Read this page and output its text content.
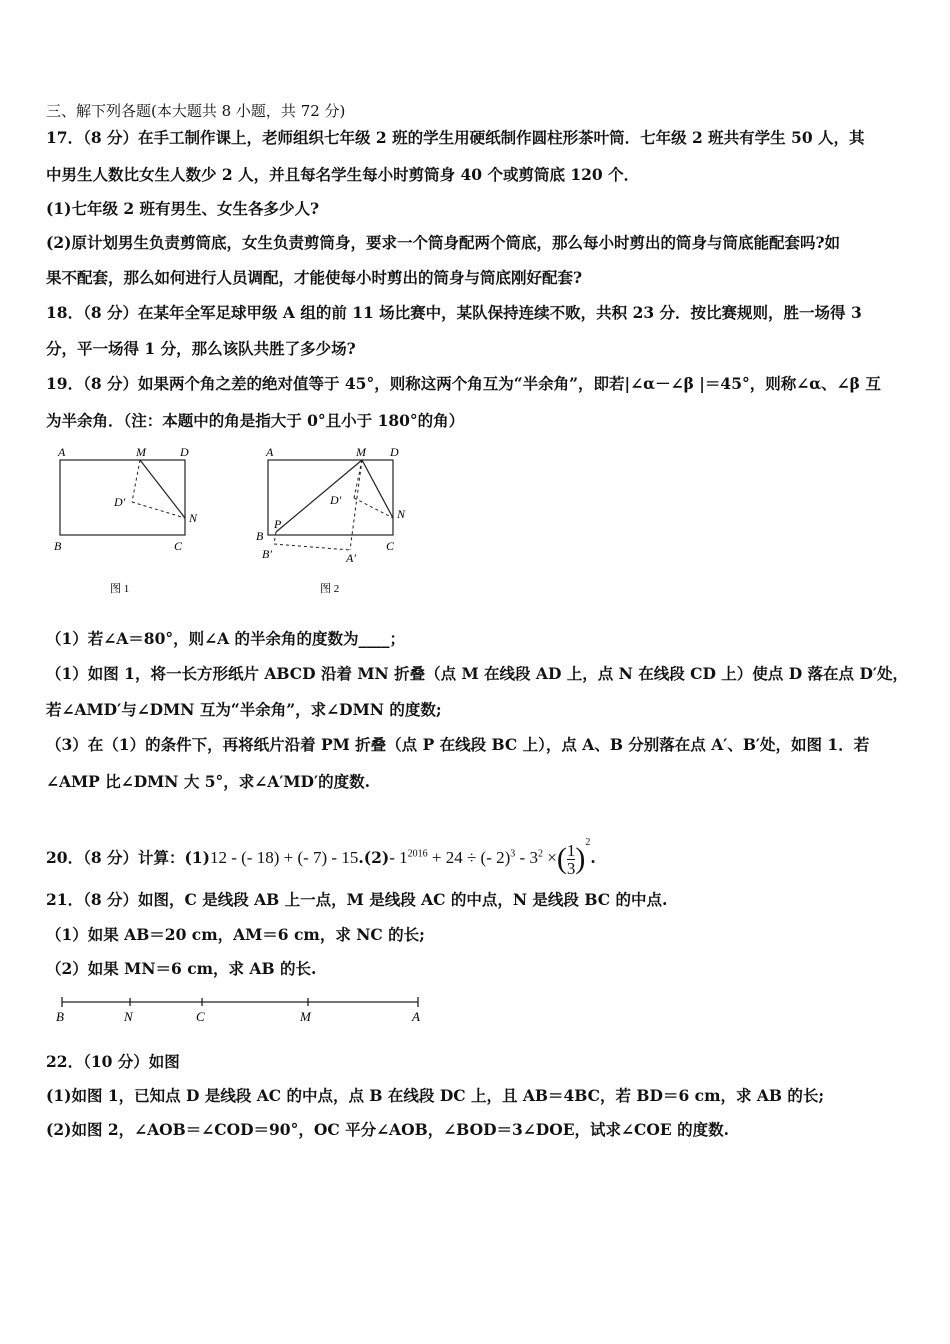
三、解下列各题(本大题共 8 小题，共 72 分)
17．（8 分）在手工制作课上，老师组织七年级 2 班的学生用硬纸制作圆柱形茶叶筒．七年级 2 班共有学生 50 人，其
中男生人数比女生人数少 2 人，并且每名学生每小时剪筒身 40 个或剪筒底 120 个．
(1)七年级 2 班有男生、女生各多少人?
(2)原计划男生负责剪筒底，女生负责剪筒身，要求一个筒身配两个筒底，那么每小时剪出的筒身与筒底能配套吗?如
果不配套，那么如何进行人员调配，才能使每小时剪出的筒身与筒底刚好配套?
18．（8 分）在某年全军足球甲级 A 组的前 11 场比赛中，某队保持连续不败，共积 23 分．按比赛规则，胜一场得 3
分，平一场得 1 分，那么该队共胜了多少场?
19．（8 分）如果两个角之差的绝对值等于 45°，则称这两个角互为“半余角”，即若|∠α－∠β |＝45°，则称∠α、∠β 互
为半余角．（注：本题中的角是指大于 0°且小于 180°的角）
A	M	D
D′
N
B	C
图 1
A	M D
D′
N
P
B
B′	A′
C
图 2
（1）若∠A＝80°，则∠A 的半余角的度数为____；
（1）如图 1，将一长方形纸片 ABCD 沿着 MN 折叠（点 M 在线段 AD 上，点 N 在线段 CD 上）使点 D 落在点 D′处，
若∠AMD′与∠DMN 互为“半余角”，求∠DMN 的度数;
（3）在（1）的条件下，再将纸片沿着 PM 折叠（点 P 在线段 BC 上），点 A、B 分别落在点 A′、B′处，如图 1．若
∠AMP 比∠DMN 大 5°，求∠A′MD′的度数.
20．（8 分）计算：(1)12 - (- 18) + (- 7) - 15.(2)- $1^{2016} + 24$ ÷ (- $2)^3 - 3^2$ ×( $\frac{1}{3} )^2$.
21．（8 分）如图，C 是线段 AB 上一点，M 是线段 AC 的中点，N 是线段 BC 的中点.
（1）如果 AB＝20 cm，AM＝6 cm，求 NC 的长;
（2）如果 MN＝6 cm，求 AB 的长.
B	N	C	M	A
22．（10 分）如图
(1)如图 1，已知点 D 是线段 AC 的中点，点 B 在线段 DC 上，且 AB＝4BC，若 BD＝6 cm，求 AB 的长;
(2)如图 2，∠AOB＝∠COD＝90°，OC 平分∠AOB，∠BOD＝3∠DOE，试求∠COE 的度数.
